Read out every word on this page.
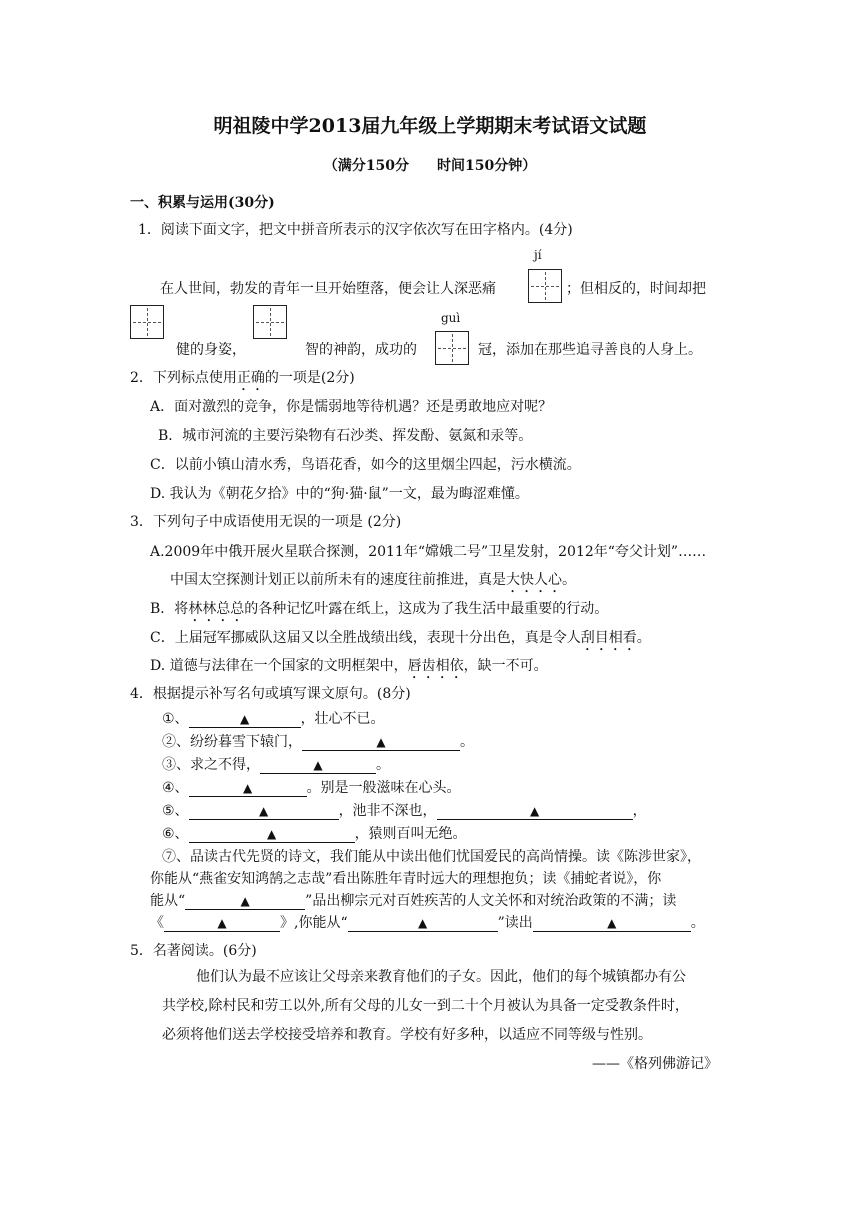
明祖陵中学2013届九年级上学期期末考试语文试题
（满分150分　　时间150分钟）
一、积累与运用(30分)
1．阅读下面文字，把文中拼音所表示的汉字依次写在田字格内。(4分)
jí
在人世间，勃发的青年一旦开始堕落，便会让人深恶痛	；但相反的，时间却把
guì
健的身姿，	智的神韵，成功的	冠，添加在那些追寻善良的人身上。
2．下列标点使用正确的一项是(2分)
A．面对激烈的竞争，你是懦弱地等待机遇？还是勇敢地应对呢？
B．城市河流的主要污染物有石沙类、挥发酚、氨氮和汞等。
C．以前小镇山清水秀，鸟语花香，如今的这里烟尘四起，污水横流。
D. 我认为《朝花夕拾》中的“狗·猫·鼠”一文，最为晦涩难懂。
3．下列句子中成语使用无误的一项是 (2分)
A.2009年中俄开展火星联合探测，2011年“嫦娥二号”卫星发射，2012年“夸父计划”……
中国太空探测计划正以前所未有的速度往前推进，真是大快人心。
B．将林林总总的各种记忆叶露在纸上，这成为了我生活中最重要的行动。
C．上届冠军挪威队这届又以全胜战绩出线，表现十分出色，真是令人刮目相看。
D. 道德与法律在一个国家的文明框架中，唇齿相依，缺一不可。
4．根据提示补写名句或填写课文原句。(8分)
①、	▲	，壮心不已。
②、纷纷暮雪下辕门，	▲	。
③、求之不得，	▲	。
④、	▲	。别是一般滋味在心头。
⑤、	▲	，池非不深也，	▲	，
⑥、	▲	，猿则百叫无绝。
⑦、品读古代先贤的诗文，我们能从中读出他们忧国爱民的高尚情操。读《陈涉世家》，
你能从“燕雀安知鸿鹄之志哉”看出陈胜年青时远大的理想抱负；读《捕蛇者说》，你
能从“	▲	”品出柳宗元对百姓疾苦的人文关怀和对统治政策的不满；读
《	▲	》,你能从“	▲	”读出	▲	。
5．名著阅读。(6分)
他们认为最不应该让父母亲来教育他们的子女。因此，他们的每个城镇都办有公
共学校,除村民和劳工以外,所有父母的儿女一到二十个月被认为具备一定受教条件时，
必须将他们送去学校接受培养和教育。学校有好多种，以适应不同等级与性别。
——《格列佛游记》
